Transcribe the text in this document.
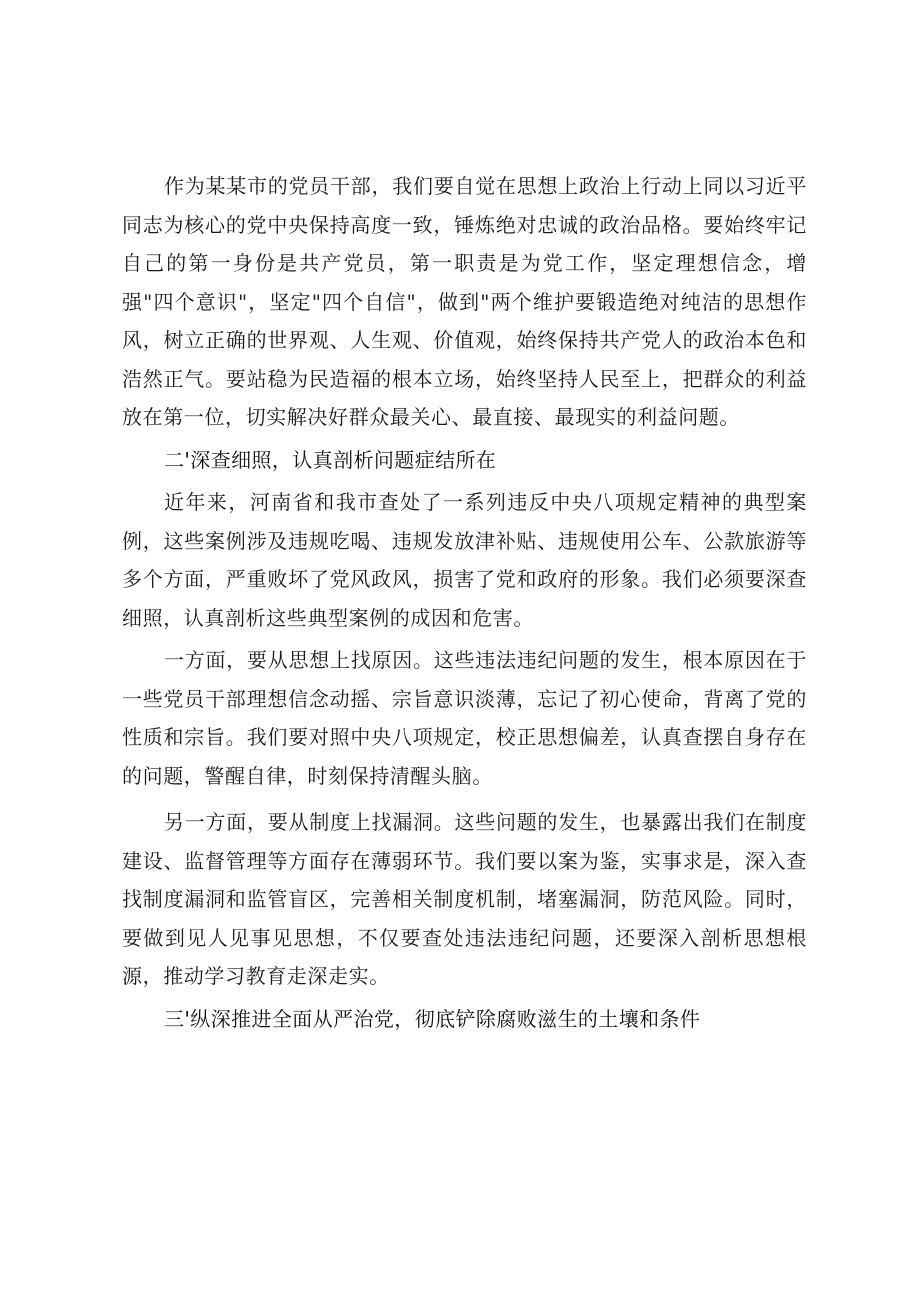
作为某某市的党员干部，我们要自觉在思想上政治上行动上同以习近平同志为核心的党中央保持高度一致，锤炼绝对忠诚的政治品格。要始终牢记自己的第一身份是共产党员，第一职责是为党工作，坚定理想信念，增强"四个意识"，坚定"四个自信"，做到"两个维护要锻造绝对纯洁的思想作风，树立正确的世界观、人生观、价值观，始终保持共产党人的政治本色和浩然正气。要站稳为民造福的根本立场，始终坚持人民至上，把群众的利益放在第一位，切实解决好群众最关心、最直接、最现实的利益问题。

二'深查细照，认真剖析问题症结所在

近年来，河南省和我市查处了一系列违反中央八项规定精神的典型案例，这些案例涉及违规吃喝、违规发放津补贴、违规使用公车、公款旅游等多个方面，严重败坏了党风政风，损害了党和政府的形象。我们必须要深查细照，认真剖析这些典型案例的成因和危害。

一方面，要从思想上找原因。这些违法违纪问题的发生，根本原因在于一些党员干部理想信念动摇、宗旨意识淡薄，忘记了初心使命，背离了党的性质和宗旨。我们要对照中央八项规定，校正思想偏差，认真查摆自身存在的问题，警醒自律，时刻保持清醒头脑。

另一方面，要从制度上找漏洞。这些问题的发生，也暴露出我们在制度建设、监督管理等方面存在薄弱环节。我们要以案为鉴，实事求是，深入查找制度漏洞和监管盲区，完善相关制度机制，堵塞漏洞，防范风险。同时，要做到见人见事见思想，不仅要查处违法违纪问题，还要深入剖析思想根源，推动学习教育走深走实。

三'纵深推进全面从严治党，彻底铲除腐败滋生的土壤和条件
